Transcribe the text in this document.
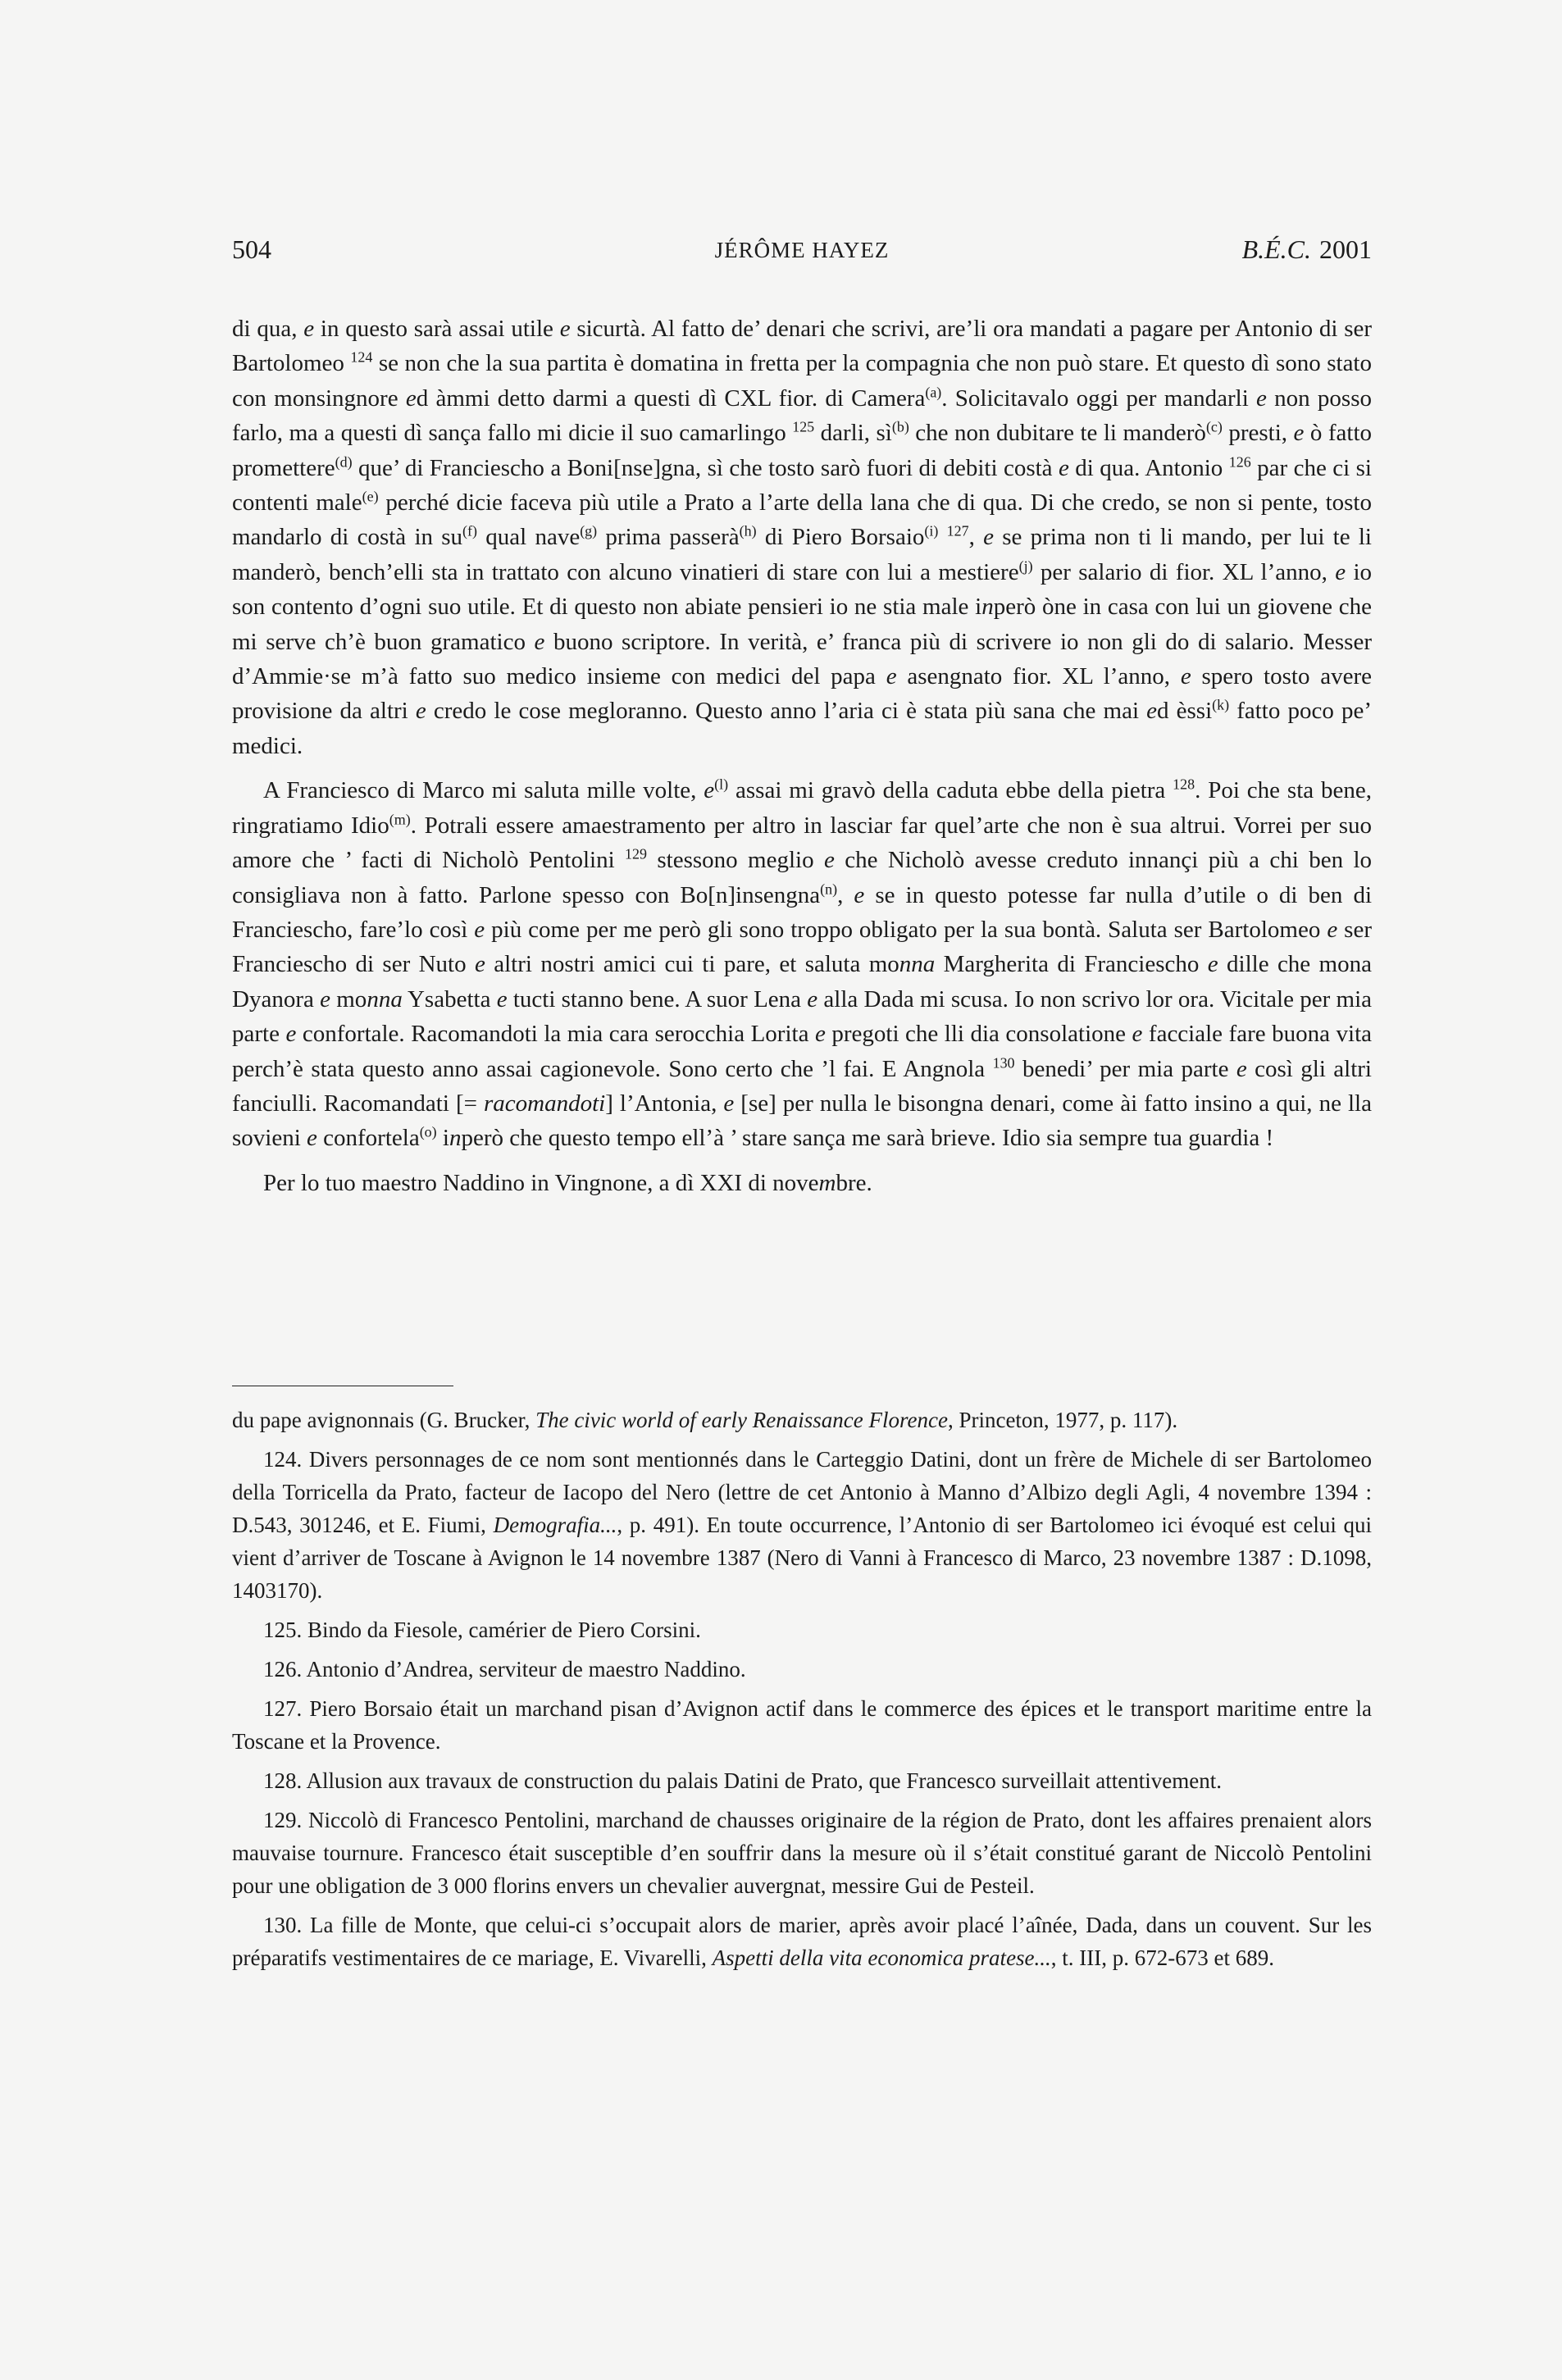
504	JÉRÔME HAYEZ	B.É.C. 2001

di qua, e in questo sarà assai utile e sicurtà. Al fatto de’ denari che scrivi, are’li ora mandati a pagare per Antonio di ser Bartolomeo $^{124}$ se non che la sua partita è domatina in fretta per la compagnia che non può stare. Et questo dì sono stato con monsingnore ed àmmi detto darmi a questi dì CXL fior. di Camera$^{(a)}$. Solicitavalo oggi per mandarli e non posso farlo, ma a questi dì sança fallo mi dicie il suo camarlingo $^{125}$ darli, $sì^{(b)}$ che non dubitare te li manderò$^{(c)}$ presti, e ò fatto promettere$^{(d)}$ que’ di Franciescho a Boni[nse]gna, sì che tosto sarò fuori di debiti costà e di qua. Antonio $^{126}$ par che ci si contenti male$^{(e)}$ perché dicie faceva più utile a Prato a l’arte della lana che di qua. Di che credo, se non si pente, tosto mandarlo di costà in $su^{(f)}$ qual nave$^{(g)}$ prima passerà$^{(h)}$ di Piero Borsaio$^{(i)}$ $^{127}$, e se prima non ti li mando, per lui te li manderò, bench’elli sta in trattato con alcuno vinatieri di stare con lui a mestiere$^{(j)}$ per salario di fior. XL l’anno, e io son contento d’ogni suo utile. Et di questo non abiate pensieri io ne stia male inperò òne in casa con lui un giovene che mi serve ch’è buon gramatico e buono scriptore. In verità, e’ franca più di scrivere io non gli do di salario. Messer d’Ammie·se m’à fatto suo medico insieme con medici del papa e asengnato fior. XL l’anno, e spero tosto avere provisione da altri e credo le cose megloranno. Questo anno l’aria ci è stata più sana che mai ed èssi$^{(k)}$ fatto poco pe’ medici.

A Franciesco di Marco mi saluta mille volte, $e^{(l)}$ assai mi gravò della caduta ebbe della pietra $^{128}$. Poi che sta bene, ringratiamo Idio$^{(m)}$. Potrali essere amaestramento per altro in lasciar far quel’arte che non è sua altrui. Vorrei per suo amore che ’ facti di Nicholò Pentolini $^{129}$ stessono meglio e che Nicholò avesse creduto innançi più a chi ben lo consigliava non à fatto. Parlone spesso con Bo[n]insengna$^{(n)}$, e se in questo potesse far nulla d’utile o di ben di Franciescho, fare’lo così e più come per me però gli sono troppo obligato per la sua bontà. Saluta ser Bartolomeo e ser Franciescho di ser Nuto e altri nostri amici cui ti pare, et saluta monna Margherita di Franciescho e dille che mona Dyanora e monna Ysabetta e tucti stanno bene. A suor Lena e alla Dada mi scusa. Io non scrivo lor ora. Vicitale per mia parte e confortale. Racomandoti la mia cara serocchia Lorita e pregoti che lli dia consolatione e facciale fare buona vita perch’è stata questo anno assai cagionevole. Sono certo che ’l fai. E Angnola $^{130}$ benedi’ per mia parte e così gli altri fanciulli. Racomandati [= racomandoti] l’Antonia, e [se] per nulla le bisongna denari, come ài fatto insino a qui, ne lla sovieni e confortela$^{(o)}$ inperò che questo tempo ell’à ’ stare sança me sarà brieve. Idio sia sempre tua guardia !

Per lo tuo maestro Naddino in Vingnone, a dì XXI di novembre.

du pape avignonnais (G. Brucker, The civic world of early Renaissance Florence, Princeton, 1977, p. 117).

124. Divers personnages de ce nom sont mentionnés dans le Carteggio Datini, dont un frère de Michele di ser Bartolomeo della Torricella da Prato, facteur de Iacopo del Nero (lettre de cet Antonio à Manno d’Albizo degli Agli, 4 novembre 1394 : D.543, 301246, et E. Fiumi, Demografia..., p. 491). En toute occurrence, l’Antonio di ser Bartolomeo ici évoqué est celui qui vient d’arriver de Toscane à Avignon le 14 novembre 1387 (Nero di Vanni à Francesco di Marco, 23 novembre 1387 : D.1098, 1403170).

125. Bindo da Fiesole, camérier de Piero Corsini.

126. Antonio d’Andrea, serviteur de maestro Naddino.

127. Piero Borsaio était un marchand pisan d’Avignon actif dans le commerce des épices et le transport maritime entre la Toscane et la Provence.

128. Allusion aux travaux de construction du palais Datini de Prato, que Francesco surveillait attentivement.

129. Niccolò di Francesco Pentolini, marchand de chausses originaire de la région de Prato, dont les affaires prenaient alors mauvaise tournure. Francesco était susceptible d’en souffrir dans la mesure où il s’était constitué garant de Niccolò Pentolini pour une obligation de 3 000 florins envers un chevalier auvergnat, messire Gui de Pesteil.

130. La fille de Monte, que celui-ci s’occupait alors de marier, après avoir placé l’aînée, Dada, dans un couvent. Sur les préparatifs vestimentaires de ce mariage, E. Vivarelli, Aspetti della vita economica pratese..., t. III, p. 672-673 et 689.
